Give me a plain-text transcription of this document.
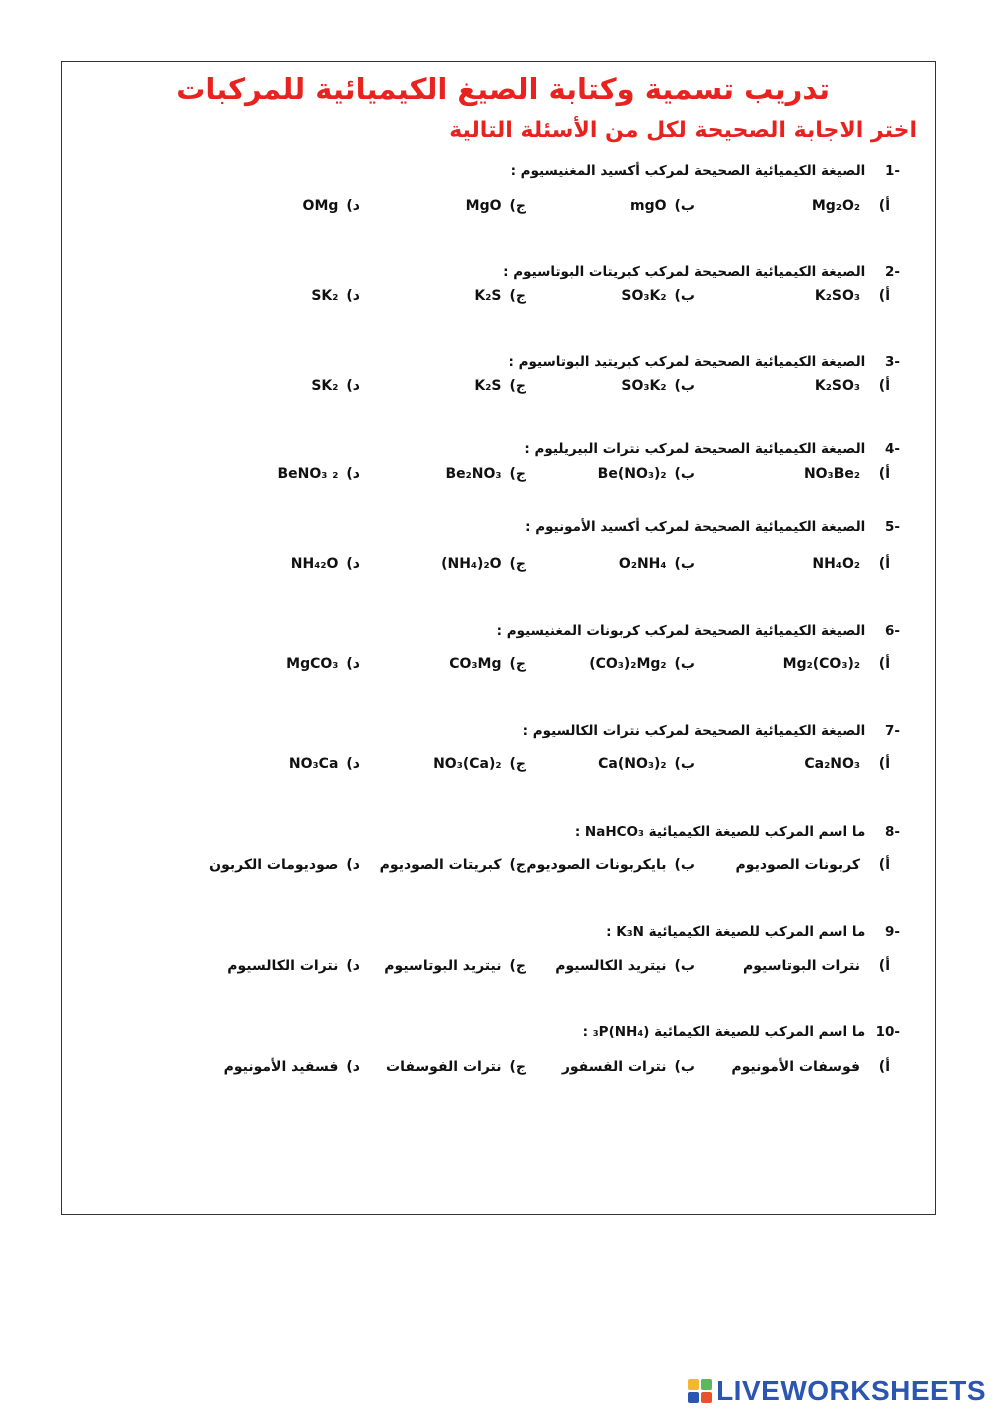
تدريب تسمية وكتابة الصيغ الكيميائية للمركبات
اختر الاجابة الصحيحة لكل من الأسئلة التالية
-1 الصيغة الكيميائية الصحيحة لمركب أكسيد المغنيسيوم :
أ)Mg₂O₂
ب)mgO
ج)MgO
د)OMg
-2 الصيغة الكيميائية الصحيحة لمركب كبريتات البوتاسيوم :
أ)K₂SO₃
ب)SO₃K₂
ج)K₂S
د)SK₂
-3 الصيغة الكيميائية الصحيحة لمركب كبريتيد البوتاسيوم :
أ)K₂SO₃
ب)SO₃K₂
ج)K₂S
د)SK₂
-4 الصيغة الكيميائية الصحيحة لمركب نترات البيريليوم :
أ)NO₃Be₂
ب)Be(NO₃)₂
ج)Be₂NO₃
د)BeNO₃ ₂
-5 الصيغة الكيميائية الصحيحة لمركب أكسيد الأمونيوم :
أ)NH₄O₂
ب)O₂NH₄
ج)(NH₄)₂O
د)NH₄₂O
-6 الصيغة الكيميائية الصحيحة لمركب كربونات المغنيسيوم :
أ)Mg₂(CO₃)₂
ب)(CO₃)₂Mg₂
ج)CO₃Mg
د)MgCO₃
-7 الصيغة الكيميائية الصحيحة لمركب نترات الكالسيوم :
أ)Ca₂NO₃
ب)Ca(NO₃)₂
ج)NO₃(Ca)₂
د)NO₃Ca
-8 ما اسم المركب للصيغة الكيميائية NaHCO₃ :
أ)كربونات الصوديوم
ب)بايكربونات الصوديوم
ج)كبريتات الصوديوم
د)صوديومات الكربون
-9 ما اسم المركب للصيغة الكيميائية K₃N :
أ)نترات البوتاسيوم
ب)نيتريد الكالسيوم
ج)نيتريد البوتاسيوم
د)نترات الكالسيوم
-10 ما اسم المركب للصيغة الكيمائية (NH₄)₃P :
أ)فوسفات الأمونيوم
ب)نترات الفسفور
ج)نترات الفوسفات
د)فسفيد الأمونيوم
LIVEWORKSHEETS
